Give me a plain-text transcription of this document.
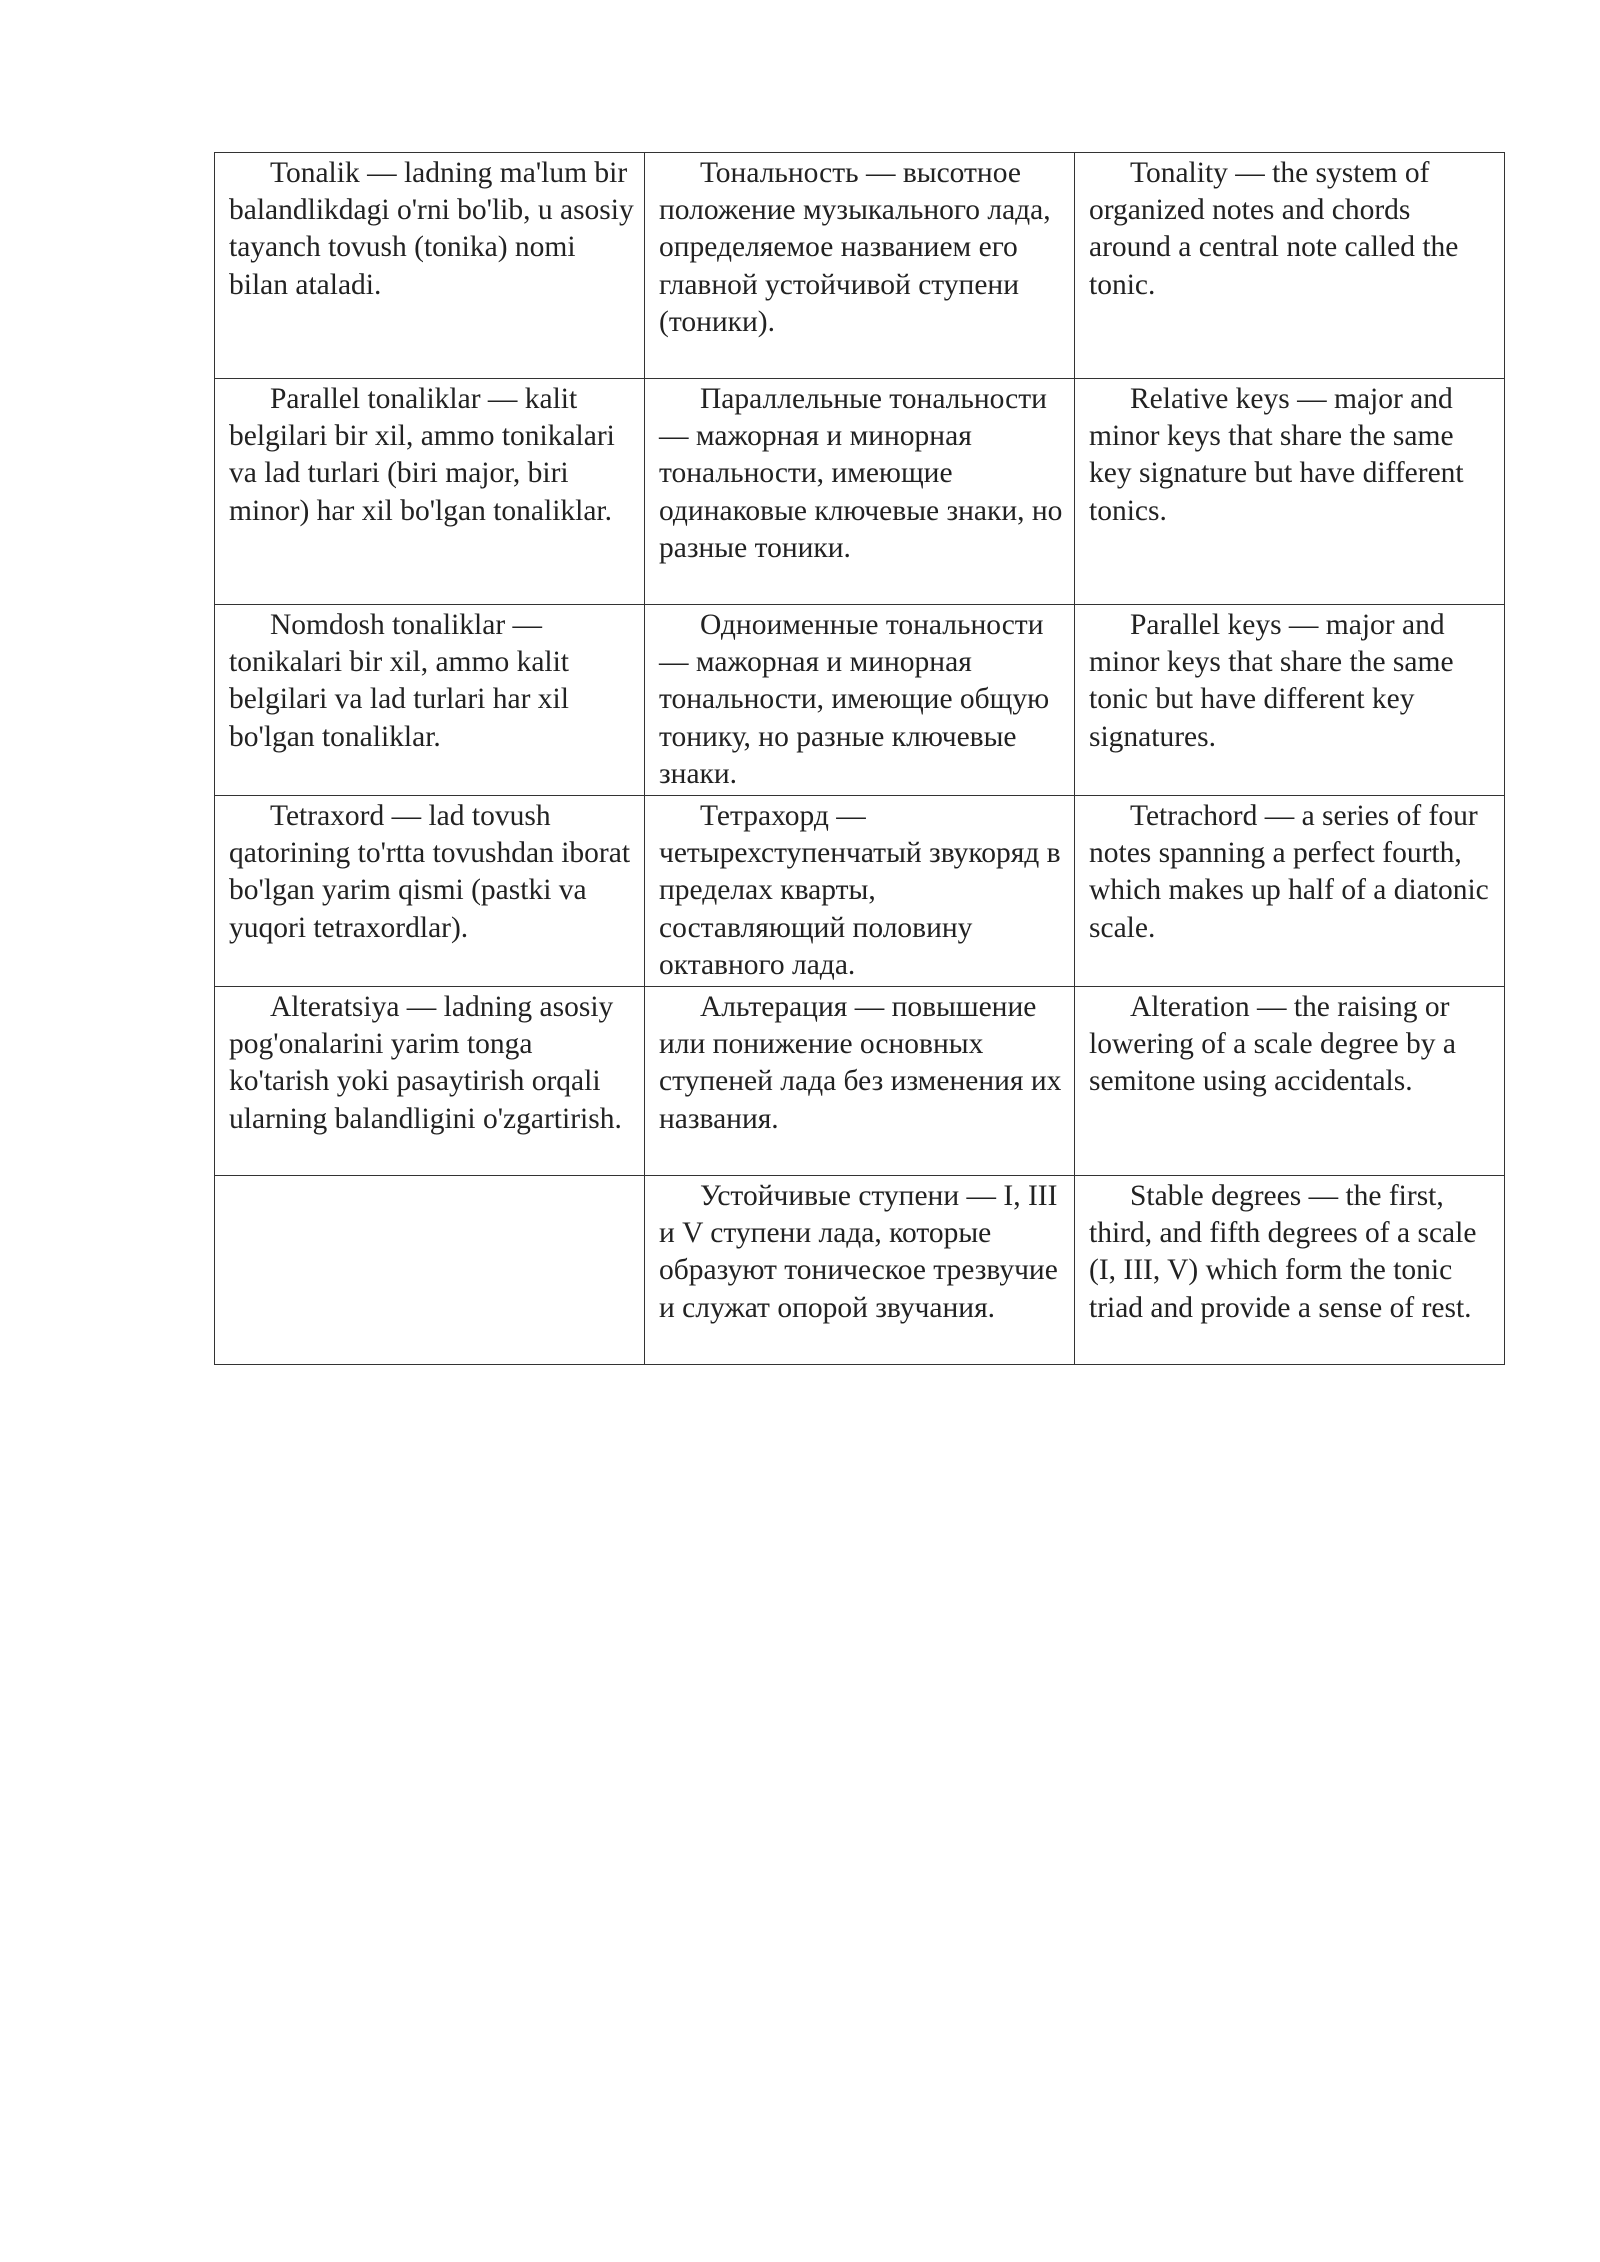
Tonalik — ladning ma'lum bir balandlikdagi o'rni bo'lib, u asosiy tayanch tovush (tonika) nomi bilan ataladi.	Тональность — высотное положение музыкального лада, определяемое названием его главной устойчивой ступени (тоники).	Tonality — the system of organized notes and chords around a central note called the tonic.
Parallel tonaliklar — kalit belgilari bir xil, ammo tonikalari va lad turlari (biri major, biri minor) har xil bo'lgan tonaliklar.	Параллельные тональности — мажорная и минорная тональности, имеющие одинаковые ключевые знаки, но разные тоники.	Relative keys — major and minor keys that share the same key signature but have different tonics.
Nomdosh tonaliklar — tonikalari bir xil, ammo kalit belgilari va lad turlari har xil bo'lgan tonaliklar.	Одноименные тональности — мажорная и минорная тональности, имеющие общую тонику, но разные ключевые знаки.	Parallel keys — major and minor keys that share the same tonic but have different key signatures.
Tetraxord — lad tovush qatorining to'rtta tovushdan iborat bo'lgan yarim qismi (pastki va yuqori tetraxordlar).	Тетрахорд — четырехступенчатый звукоряд в пределах кварты, составляющий половину октавного лада.	Tetrachord — a series of four notes spanning a perfect fourth, which makes up half of a diatonic scale.
Alteratsiya — ladning asosiy pog'onalarini yarim tonga ko'tarish yoki pasaytirish orqali ularning balandligini o'zgartirish.	Альтерация — повышение или понижение основных ступеней лада без изменения их названия.	Alteration — the raising or lowering of a scale degree by a semitone using accidentals.
	Устойчивые ступени — I, III и V ступени лада, которые образуют тоническое трезвучие и служат опорой звучания.	Stable degrees — the first, third, and fifth degrees of a scale (I, III, V) which form the tonic triad and provide a sense of rest.
